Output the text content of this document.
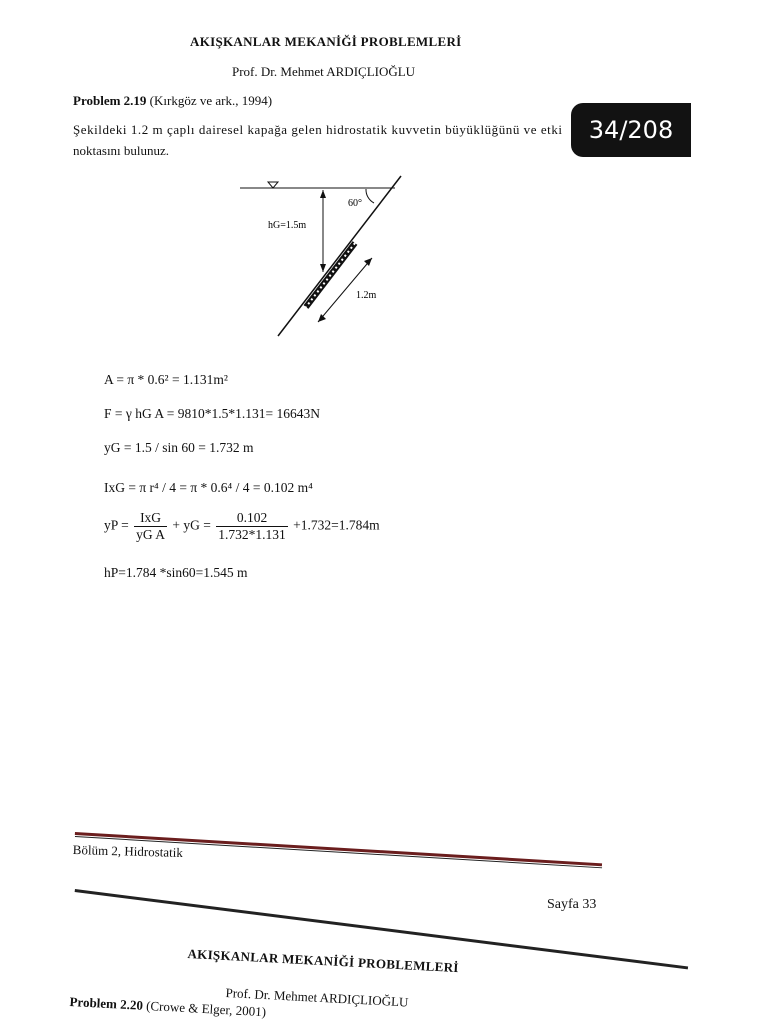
AKIŞKANLAR MEKANİĞİ PROBLEMLERİ
Prof. Dr. Mehmet ARDIÇLIOĞLU
Problem 2.19 (Kırkgöz ve ark., 1994)
Şekildeki 1.2 m çaplı dairesel kapağa gelen hidrostatik kuvvetin büyüklüğünü ve etki
noktasını bulunuz.
34/208
60°
hG=1.5m
1.2m
A = π * 0.6² = 1.131m²
F = γ hG A = 9810*1.5*1.131= 16643N
yG = 1.5 / sin 60 = 1.732 m
IxG = π r⁴ / 4 = π * 0.6⁴ / 4 = 0.102 m⁴
yP = $\frac{\text{IxG}}{\text{yG A}}$ + yG = $\frac{0.102}{1.732*1.131} +1.732=1.784m$
hP=1.784 *sin60=1.545 m
Bölüm 2, Hidrostatik
Sayfa 33
AKIŞKANLAR MEKANİĞİ PROBLEMLERİ
Prof. Dr. Mehmet ARDIÇLIOĞLU
Problem 2.20 (Crowe & Elger, 2001)
